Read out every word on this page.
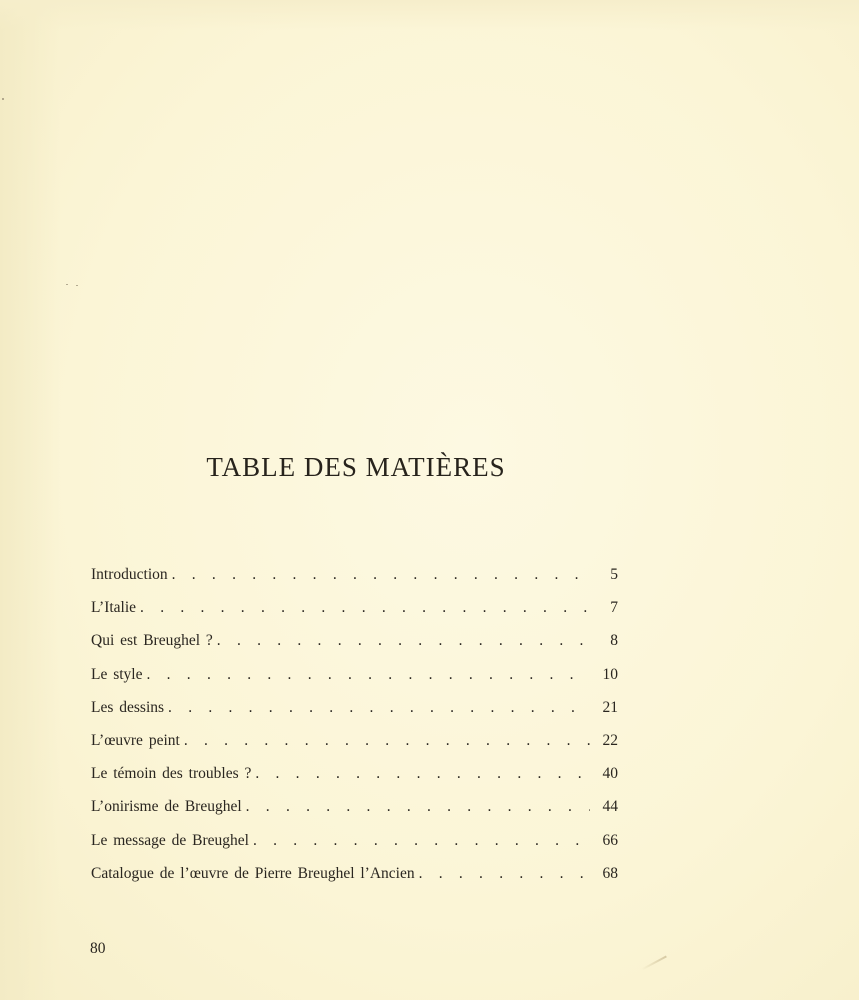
TABLE DES MATIÈRES
Introduction . . .	5
L’Italie . . .	7
Qui est Breughel ? . . .	8
Le style . . .	10
Les dessins . . .	21
L’œuvre peint . . .	22
Le témoin des troubles ? . . .	40
L’onirisme de Breughel . . .	44
Le message de Breughel . . .	66
Catalogue de l’œuvre de Pierre Breughel l’Ancien . . .	68
80
